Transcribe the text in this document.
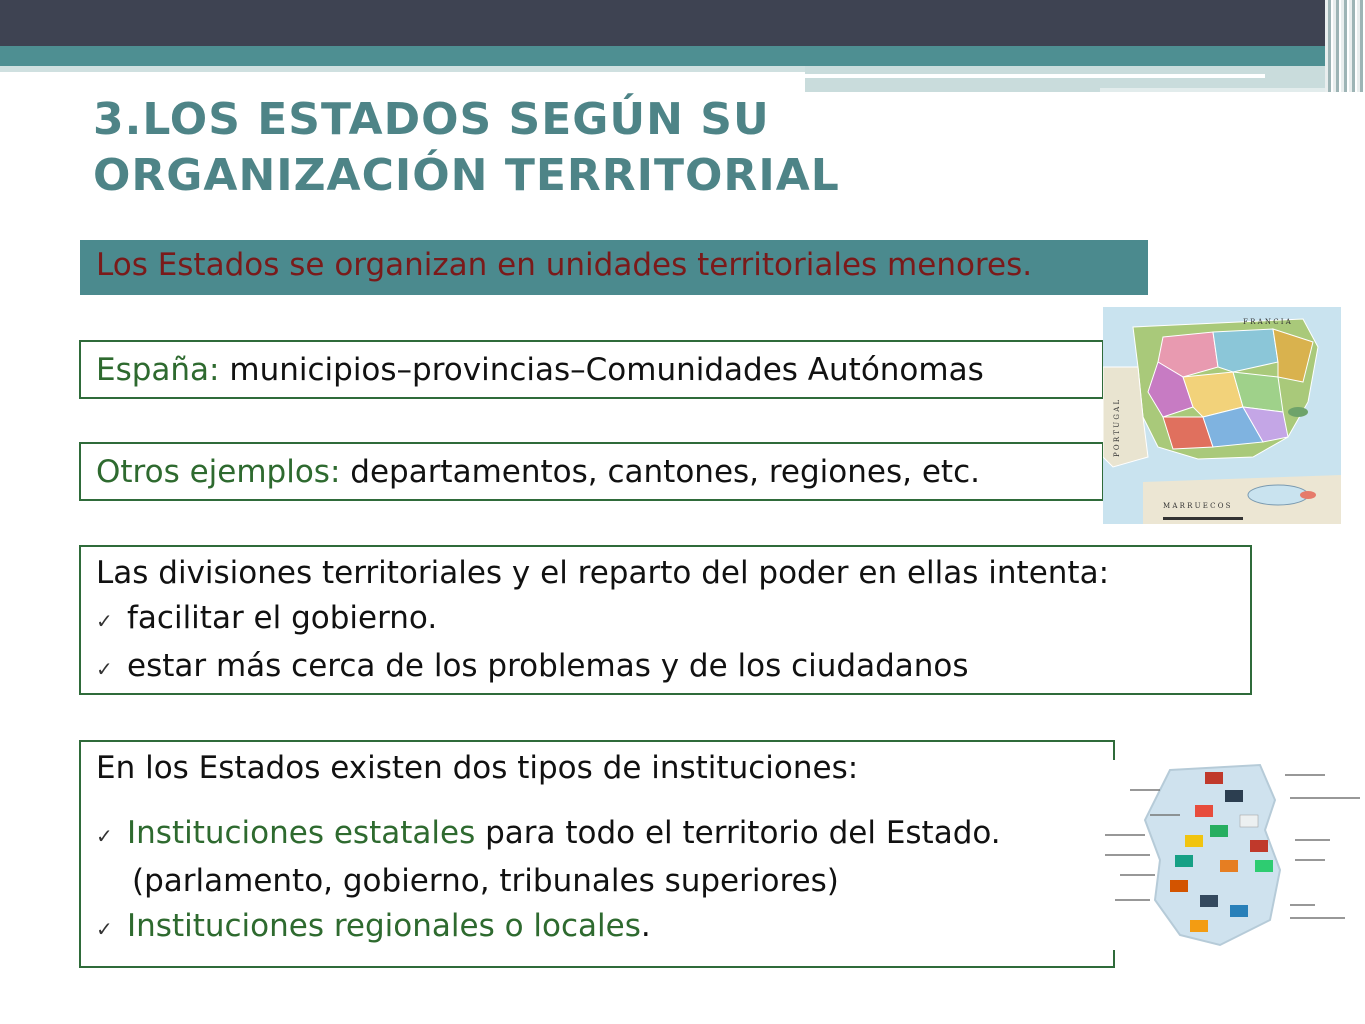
3.LOS ESTADOS SEGÚN SU
ORGANIZACIÓN TERRITORIAL
Los Estados se organizan en unidades territoriales menores.
España: municipios–provincias–Comunidades Autónomas
Otros ejemplos: departamentos, cantones, regiones, etc.
Las divisiones territoriales y el reparto del poder en ellas intenta:
✓ facilitar el gobierno.
✓ estar más cerca de los problemas y de los ciudadanos
En los Estados existen dos tipos de instituciones:
✓ Instituciones estatales para todo el territorio del Estado.
(parlamento, gobierno, tribunales superiores)
✓ Instituciones regionales o locales.
F R A N C I A
P O R T U G A L
M A R R U E C O S
